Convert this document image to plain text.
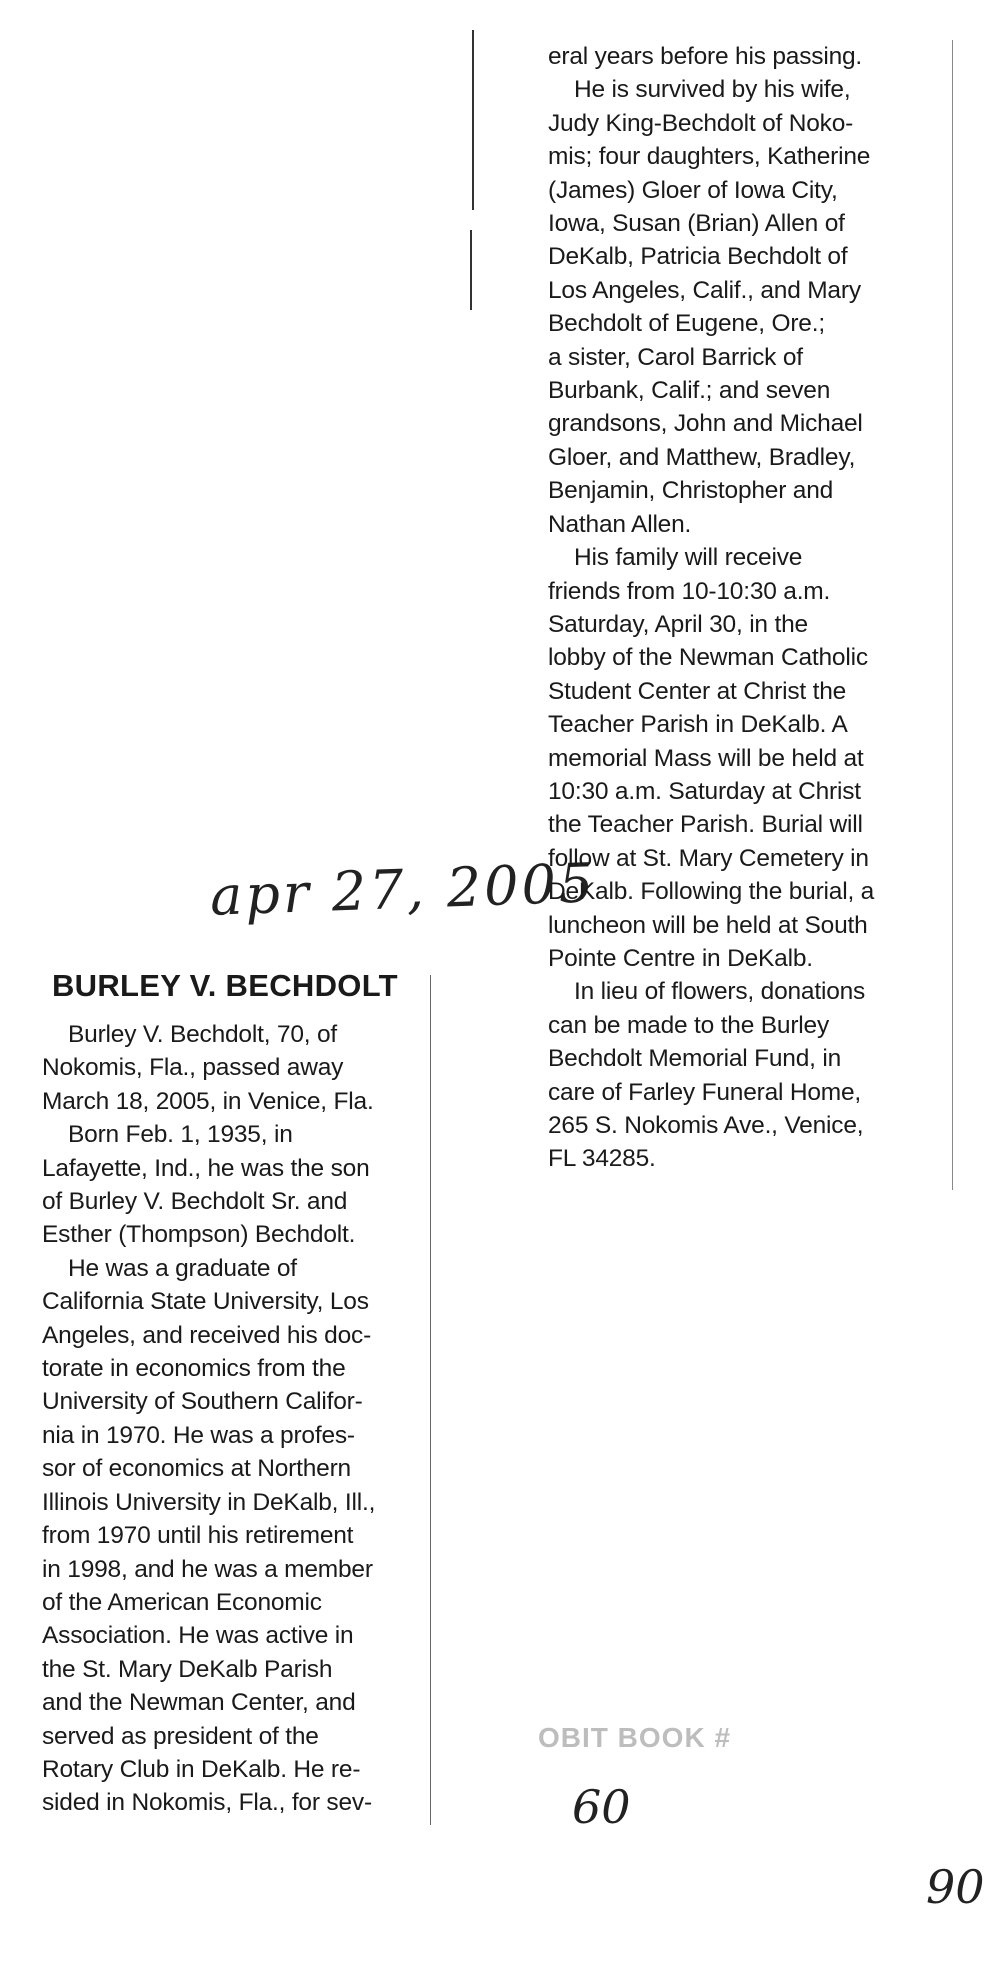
apr 27, 2005
BURLEY V. BECHDOLT
Burley V. Bechdolt, 70, of
Nokomis, Fla., passed away
March 18, 2005, in Venice, Fla.
Born Feb. 1, 1935, in
Lafayette, Ind., he was the son
of Burley V. Bechdolt Sr. and
Esther (Thompson) Bechdolt.
He was a graduate of
California State University, Los
Angeles, and received his doc-
torate in economics from the
University of Southern Califor-
nia in 1970. He was a profes-
sor of economics at Northern
Illinois University in DeKalb, Ill.,
from 1970 until his retirement
in 1998, and he was a member
of the American Economic
Association. He was active in
the St. Mary DeKalb Parish
and the Newman Center, and
served as president of the
Rotary Club in DeKalb. He re-
sided in Nokomis, Fla., for sev-
eral years before his passing.
He is survived by his wife,
Judy King-Bechdolt of Noko-
mis; four daughters, Katherine
(James) Gloer of Iowa City,
Iowa, Susan (Brian) Allen of
DeKalb, Patricia Bechdolt of
Los Angeles, Calif., and Mary
Bechdolt of Eugene, Ore.;
a sister, Carol Barrick of
Burbank, Calif.; and seven
grandsons, John and Michael
Gloer, and Matthew, Bradley,
Benjamin, Christopher and
Nathan Allen.
His family will receive
friends from 10-10:30 a.m.
Saturday, April 30, in the
lobby of the Newman Catholic
Student Center at Christ the
Teacher Parish in DeKalb. A
memorial Mass will be held at
10:30 a.m. Saturday at Christ
the Teacher Parish. Burial will
follow at St. Mary Cemetery in
DeKalb. Following the burial, a
luncheon will be held at South
Pointe Centre in DeKalb.
In lieu of flowers, donations
can be made to the Burley
Bechdolt Memorial Fund, in
care of Farley Funeral Home,
265 S. Nokomis Ave., Venice,
FL 34285.
OBIT BOOK #
60
90
